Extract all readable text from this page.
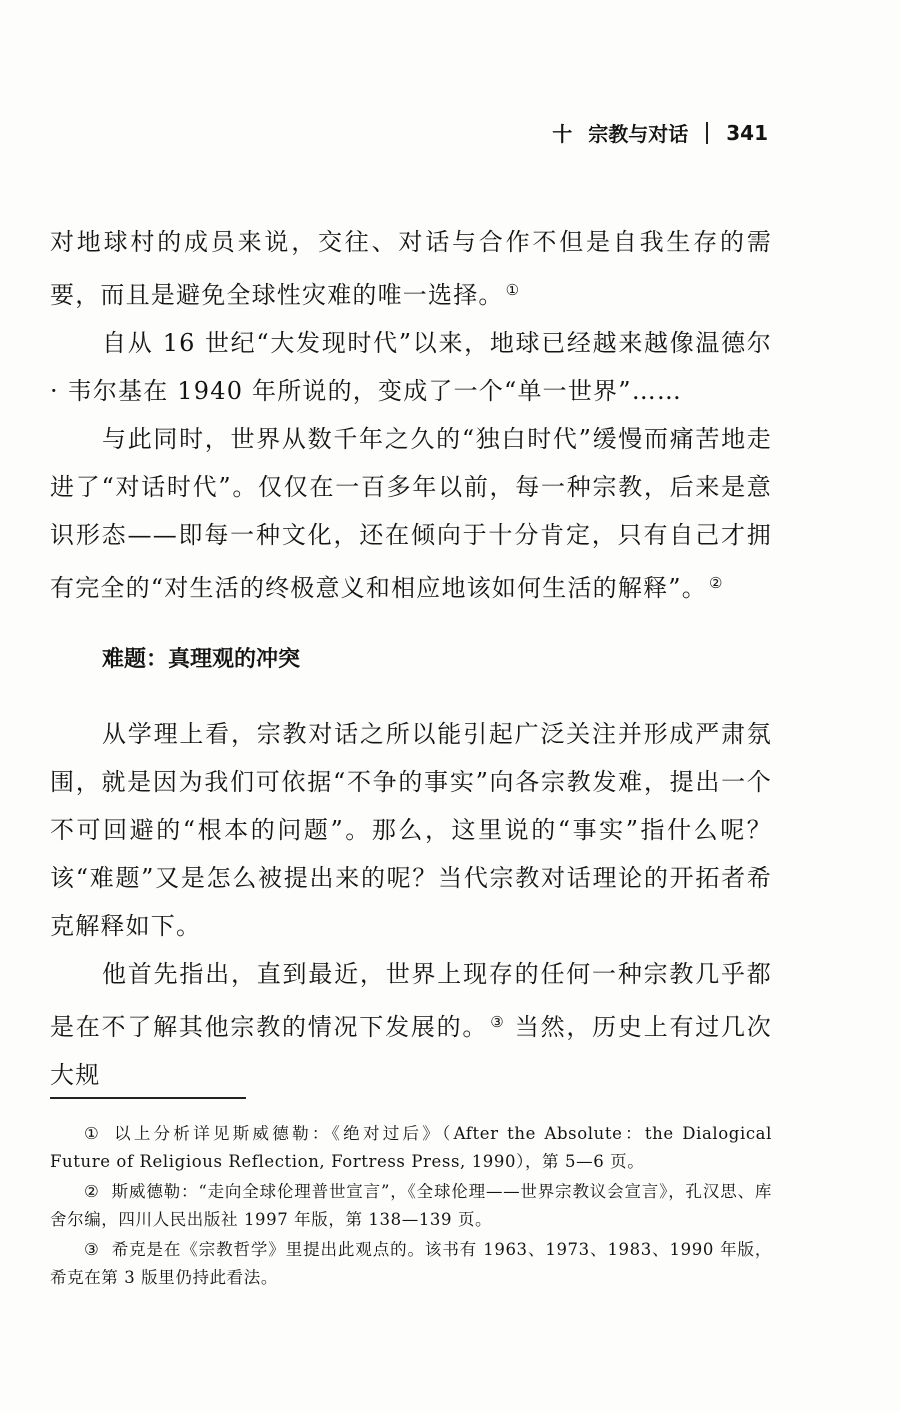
十 宗教与对话 341

对地球村的成员来说，交往、对话与合作不但是自我生存的需要，而且是避免全球性灾难的唯一选择。 ①

自从 16 世纪“大发现时代”以来，地球已经越来越像温德尔 · 韦尔基在 1940 年所说的，变成了一个“单一世界”……

与此同时，世界从数千年之久的“独白时代”缓慢而痛苦地走进了“对话时代”。仅仅在一百多年以前，每一种宗教，后来是意识形态——即每一种文化，还在倾向于十分肯定，只有自己才拥有完全的“对生活的终极意义和相应地该如何生活的解释”。 ②

难题：真理观的冲突

从学理上看，宗教对话之所以能引起广泛关注并形成严肃氛围，就是因为我们可依据“不争的事实”向各宗教发难，提出一个不可回避的“根本的问题”。那么，这里说的“事实”指什么呢？该“难题”又是怎么被提出来的呢？当代宗教对话理论的开拓者希克解释如下。

他首先指出，直到最近，世界上现存的任何一种宗教几乎都是在不了解其他宗教的情况下发展的。 ③ 当然，历史上有过几次大规

① 以上分析详见斯威德勒：《绝对过后》（After the Absolute：the Dialogical Future of Religious Reflection, Fortress Press, 1990），第 5—6 页。

② 斯威德勒：“走向全球伦理普世宣言”，《全球伦理——世界宗教议会宣言》，孔汉思、库舍尔编，四川人民出版社 1997 年版，第 138—139 页。

③ 希克是在《宗教哲学》里提出此观点的。该书有 1963、1973、1983、1990 年版，希克在第 3 版里仍持此看法。
